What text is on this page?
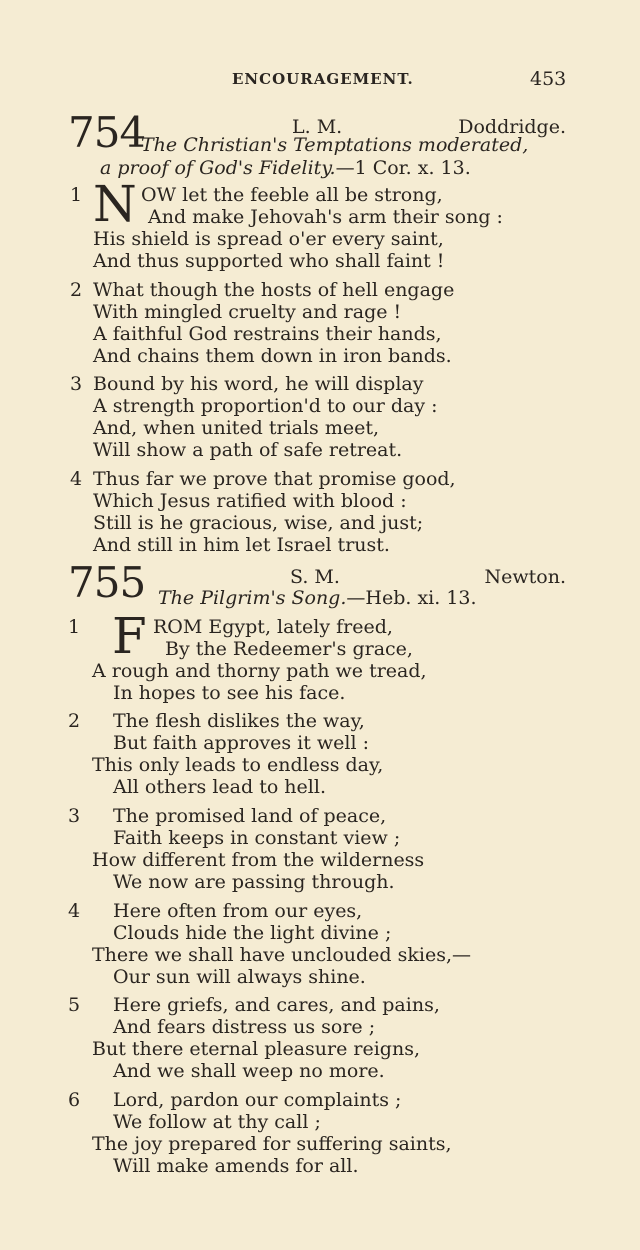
ENCOURAGEMENT.	453
754	L. M.	Doddridge.
The Christian's Temptations moderated,
a proof of God's Fidelity.—1 Cor. x. 13.
1 N OW let the feeble all be strong,
And make Jehovah's arm their song :
His shield is spread o'er every saint,
And thus supported who shall faint !
2 What though the hosts of hell engage
With mingled cruelty and rage !
A faithful God restrains their hands,
And chains them down in iron bands.
3 Bound by his word, he will display
A strength proportion'd to our day :
And, when united trials meet,
Will show a path of safe retreat.
4 Thus far we prove that promise good,
Which Jesus ratified with blood :
Still is he gracious, wise, and just;
And still in him let Israel trust.
755	S. M.	Newton.
The Pilgrim's Song.—Heb. xi. 13.
1 F ROM Egypt, lately freed,
By the Redeemer's grace,
A rough and thorny path we tread,
In hopes to see his face.
2 The flesh dislikes the way,
But faith approves it well :
This only leads to endless day,
All others lead to hell.
3 The promised land of peace,
Faith keeps in constant view ;
How different from the wilderness
We now are passing through.
4 Here often from our eyes,
Clouds hide the light divine ;
There we shall have unclouded skies,—
Our sun will always shine.
5 Here griefs, and cares, and pains,
And fears distress us sore ;
But there eternal pleasure reigns,
And we shall weep no more.
6 Lord, pardon our complaints ;
We follow at thy call ;
The joy prepared for suffering saints,
Will make amends for all.
